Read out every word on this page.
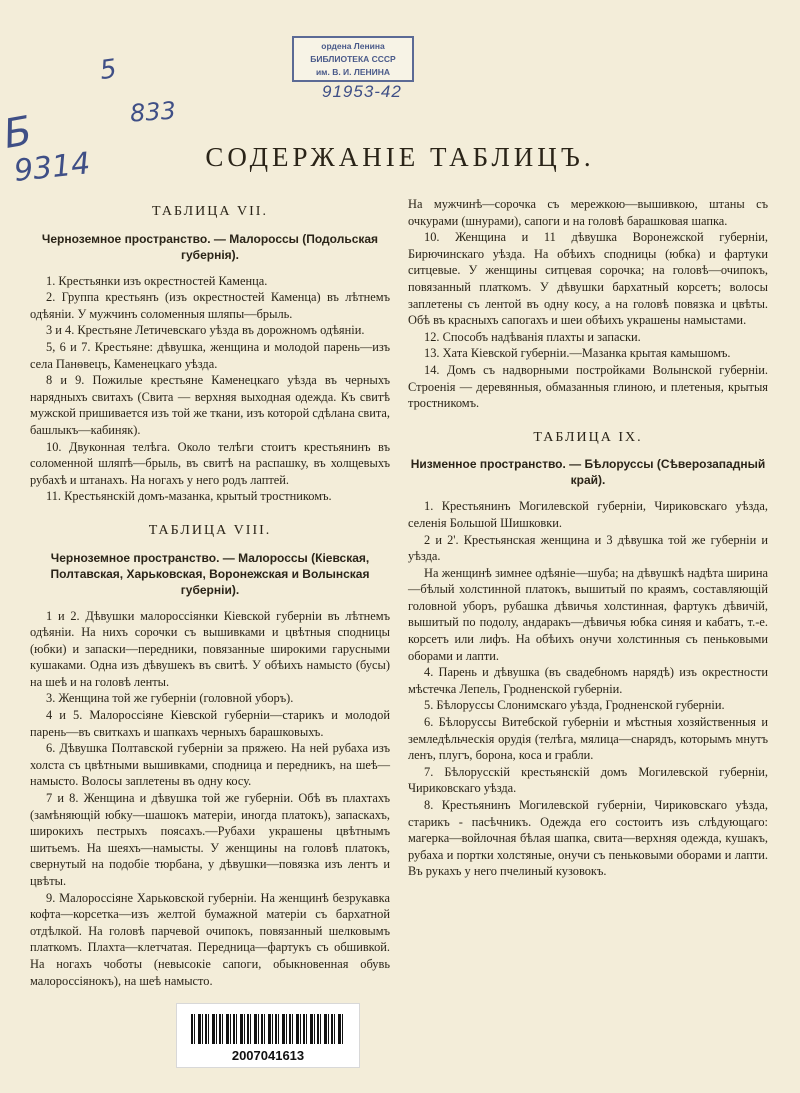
ордена Ленина
БИБЛИОТЕКА СССР
им. В. И. ЛЕНИНА
91953-42
5
833
Б
9314	СОДЕРЖАНІЕ ТАБЛИЦЪ.
ТАБЛИЦА VII.
Черноземное пространство. — Малороссы (Подольская губернія).

1. Крестьянки изъ окрестностей Каменца.

2. Группа крестьянъ (изъ окрестностей Каменца) въ лѣтнемъ одѣяніи. У мужчинъ соломенныя шляпы—брыль.

3 и 4. Крестьяне Летичевскаго уѣзда въ дорожномъ одѣяніи.

5, 6 и 7. Крестьяне: дѣвушка, женщина и молодой парень—изъ села Панѳвецъ, Каменецкаго уѣзда.

8 и 9. Пожилые крестьяне Каменецкаго уѣзда въ черныхъ нарядныхъ свитахъ (Свита — верхняя выходная одежда. Къ свитѣ мужской пришивается изъ той же ткани, изъ которой сдѣлана свита, башлыкъ—кабиняк).

10. Двуконная телѣга. Около телѣги стоитъ крестьянинъ въ соломенной шляпѣ—брыль, въ свитѣ на распашку, въ холщевыхъ рубахѣ и штанахъ. На ногахъ у него родъ лаптей.

11. Крестьянскій домъ-мазанка, крытый тростникомъ.

ТАБЛИЦА VIII.
Черноземное пространство. — Малороссы (Кіевская, Полтавская, Харьковская, Воронежская и Волынская губерніи).

1 и 2. Дѣвушки малороссіянки Кіевской губерніи въ лѣтнемъ одѣяніи. На нихъ сорочки съ вышивками и цвѣтныя сподницы (юбки) и запаски—передники, повязанные широкими гарусными кушаками. Одна изъ дѣвушекъ въ свитѣ. У обѣихъ намысто (бусы) на шеѣ и на головѣ ленты.

3. Женщина той же губерніи (головной уборъ).

4 и 5. Малороссіяне Кіевской губерніи—старикъ и молодой парень—въ свиткахъ и шапкахъ черныхъ барашковыхъ.

6. Дѣвушка Полтавской губерніи за пряжею. На ней рубаха изъ холста съ цвѣтными вышивками, сподница и передникъ, на шеѣ—намысто. Волосы заплетены въ одну косу.

7 и 8. Женщина и дѣвушка той же губерніи. Обѣ въ плахтахъ (замѣняющій юбку—шашокъ матеріи, иногда платокъ), запаскахъ, широкихъ пестрыхъ поясахъ.—Рубахи украшены цвѣтнымъ шитьемъ. На шеяхъ—намысты. У женщины на головѣ платокъ, свернутый на подобіе тюрбана, у дѣвушки—повязка изъ лентъ и цвѣты.

9. Малороссіяне Харьковской губерніи. На женщинѣ безрукавка кофта—корсетка—изъ желтой бумажной матеріи съ бархатной отдѣлкой. На головѣ парчевой очипокъ, повязанный шелковымъ платкомъ. Плахта—клетчатая. Передница—фартукъ съ обшивкой. На ногахъ чоботы (невысокіе сапоги, обыкновенная обувь малороссіянокъ), на шеѣ намысто.

На мужчинѣ—сорочка съ мережкою—вышивкою, штаны съ очкурами (шнурами), сапоги и на головѣ барашковая шапка.

10. Женщина и 11 дѣвушка Воронежской губерніи, Бирючинскаго уѣзда. На обѣихъ сподницы (юбка) и фартуки ситцевые. У женщины ситцевая сорочка; на головѣ—очипокъ, повязанный платкомъ. У дѣвушки бархатный корсетъ; волосы заплетены съ лентой въ одну косу, а на головѣ повязка и цвѣты. Обѣ въ красныхъ сапогахъ и шеи обѣихъ украшены намыстами.

12. Способъ надѣванія плахты и запаски.

13. Хата Кіевской губерніи.—Мазанка крытая камышомъ.

14. Домъ съ надворными постройками Волынской губерніи. Строенія — деревянныя, обмазанныя глиною, и плетеныя, крытыя тростникомъ.

ТАБЛИЦА IX.
Низменное пространство. — Бѣлоруссы (Сѣверозападный край).

1. Крестьянинъ Могилевской губерніи, Чириковскаго уѣзда, селенія Большой Шишковки.

2 и 2'. Крестьянская женщина и 3 дѣвушка той же губерніи и уѣзда.

На женщинѣ зимнее одѣяніе—шуба; на дѣвушкѣ надѣта ширина—бѣлый холстинной платокъ, вышитый по краямъ, составляющій головной уборъ, рубашка дѣвичья холстинная, фартукъ дѣвичій, вышитый по подолу, андаракъ—дѣвичья юбка синяя и кабатъ, т.-е. корсетъ или лифъ. На обѣихъ онучи холстинныя съ пеньковыми оборами и лапти.

4. Парень и дѣвушка (въ свадебномъ нарядѣ) изъ окрестности мѣстечка Лепель, Гродненской губерніи.

5. Бѣлоруссы Слонимскаго уѣзда, Гродненской губерніи.

6. Бѣлоруссы Витебской губерніи и мѣстныя хозяйственныя и земледѣльческія орудія (телѣга, мялица—снарядъ, которымъ мнутъ ленъ, плугъ, борона, коса и грабли.

7. Бѣлорусскій крестьянскій домъ Могилевской губерніи, Чириковскаго уѣзда.

8. Крестьянинъ Могилевской губерніи, Чириковскаго уѣзда, старикъ - пасѣчникъ. Одежда его состоитъ изъ слѣдующаго: магерка—войлочная бѣлая шапка, свита—верхняя одежда, кушакъ, рубаха и портки холстяные, онучи съ пеньковыми оборами и лапти. Въ рукахъ у него пчелиный кузовокъ.

2007041613
